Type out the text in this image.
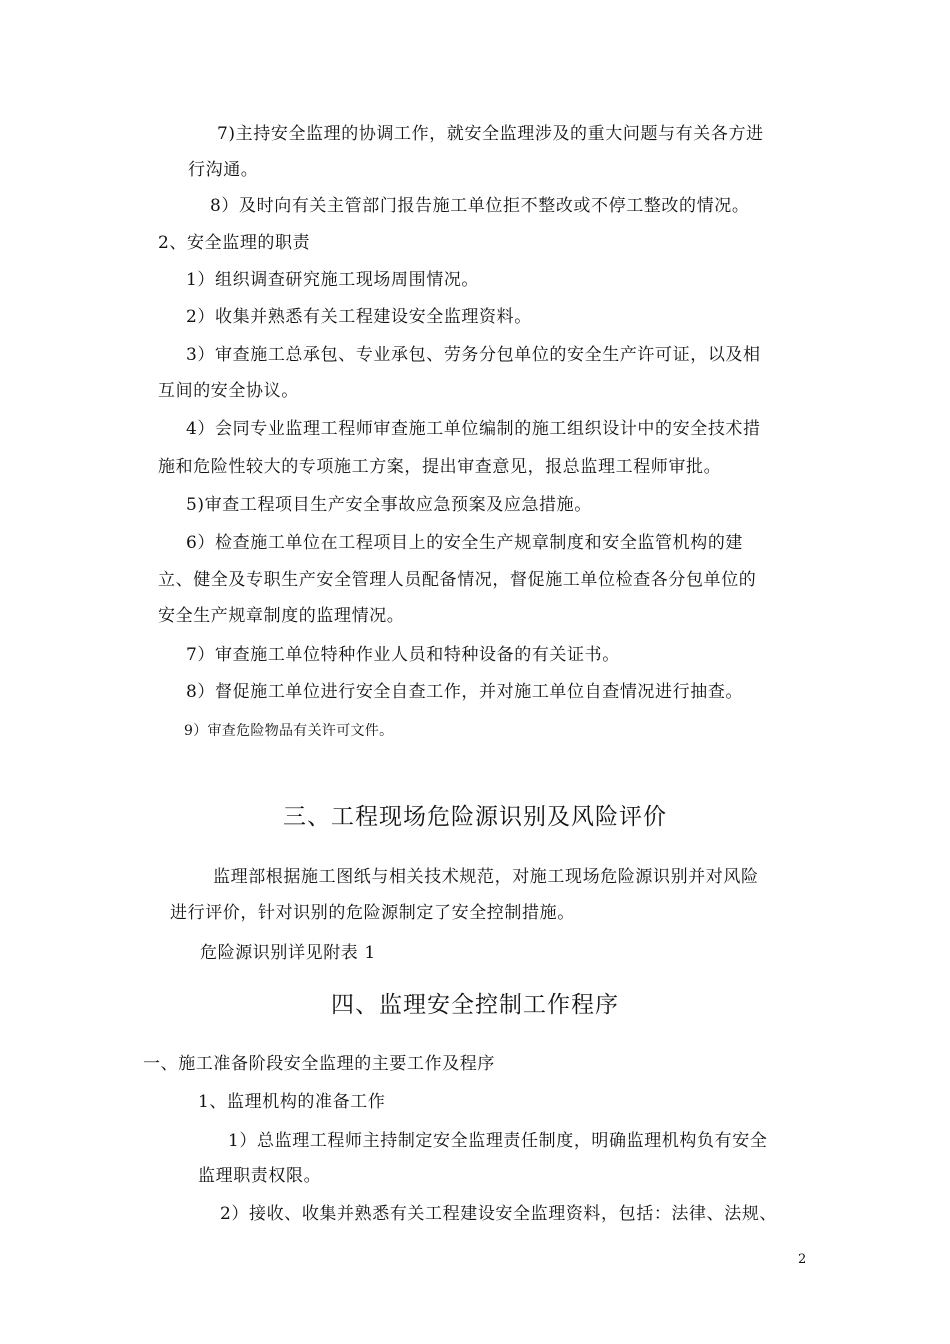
7)主持安全监理的协调工作，就安全监理涉及的重大问题与有关各方进
行沟通。
8）及时向有关主管部门报告施工单位拒不整改或不停工整改的情况。
2、安全监理的职责
1）组织调查研究施工现场周围情况。
2）收集并熟悉有关工程建设安全监理资料。
3）审查施工总承包、专业承包、劳务分包单位的安全生产许可证，以及相
互间的安全协议。
4）会同专业监理工程师审查施工单位编制的施工组织设计中的安全技术措
施和危险性较大的专项施工方案，提出审查意见，报总监理工程师审批。
5)审查工程项目生产安全事故应急预案及应急措施。
6）检查施工单位在工程项目上的安全生产规章制度和安全监管机构的建
立、健全及专职生产安全管理人员配备情况，督促施工单位检查各分包单位的
安全生产规章制度的监理情况。
7）审查施工单位特种作业人员和特种设备的有关证书。
8）督促施工单位进行安全自查工作，并对施工单位自查情况进行抽查。
9）审查危险物品有关许可文件。
三、工程现场危险源识别及风险评价
监理部根据施工图纸与相关技术规范，对施工现场危险源识别并对风险
进行评价，针对识别的危险源制定了安全控制措施。
危险源识别详见附表 1
四、监理安全控制工作程序
一、施工准备阶段安全监理的主要工作及程序
1、监理机构的准备工作
1）总监理工程师主持制定安全监理责任制度，明确监理机构负有安全
监理职责权限。
2）接收、收集并熟悉有关工程建设安全监理资料，包括：法律、法规、
2
